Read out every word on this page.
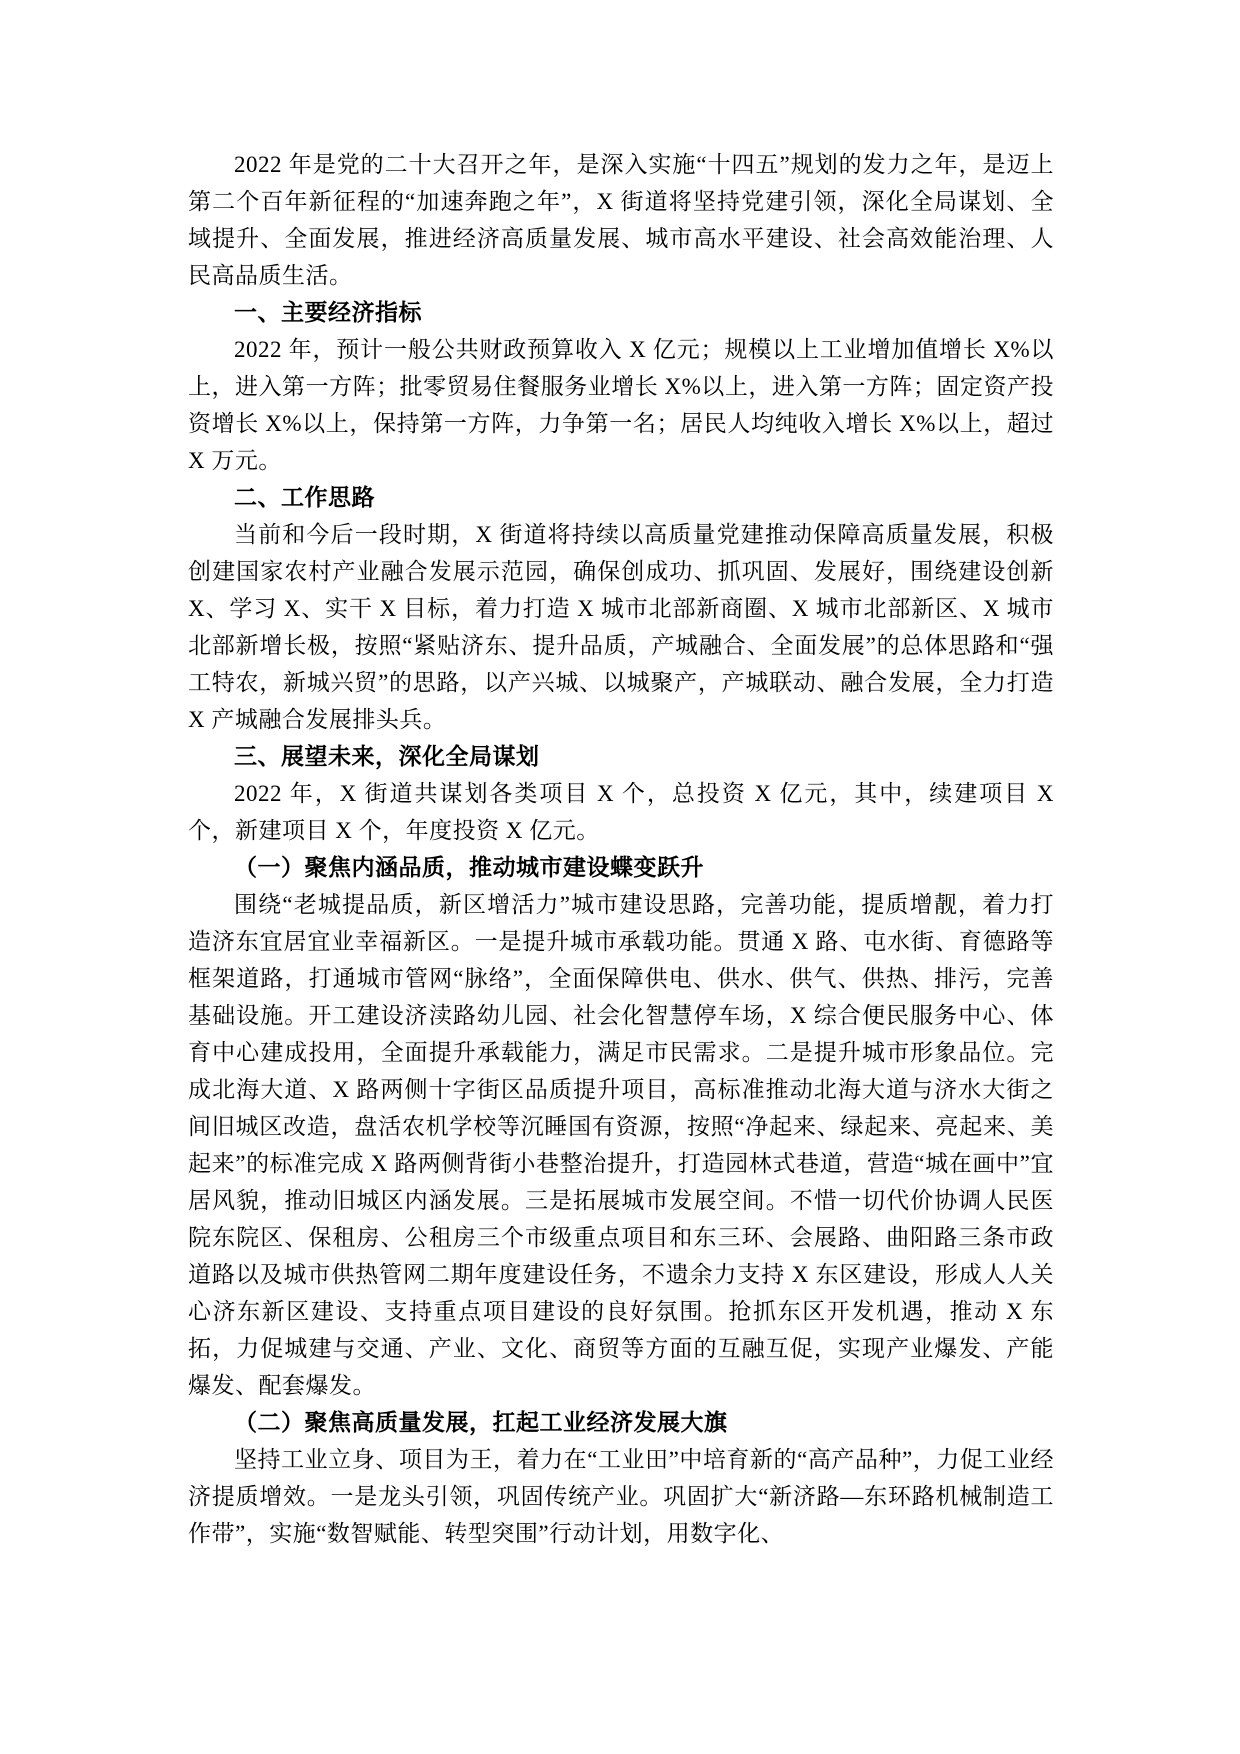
2022 年是党的二十大召开之年，是深入实施“十四五”规划的发力之年，是迈上第二个百年新征程的“加速奔跑之年”，X 街道将坚持党建引领，深化全局谋划、全域提升、全面发展，推进经济高质量发展、城市高水平建设、社会高效能治理、人民高品质生活。

一、主要经济指标

2022 年，预计一般公共财政预算收入 X 亿元；规模以上工业增加值增长 X%以上，进入第一方阵；批零贸易住餐服务业增长 X%以上，进入第一方阵；固定资产投资增长 X%以上，保持第一方阵，力争第一名；居民人均纯收入增长 X%以上，超过 X 万元。

二、工作思路

当前和今后一段时期，X 街道将持续以高质量党建推动保障高质量发展，积极创建国家农村产业融合发展示范园，确保创成功、抓巩固、发展好，围绕建设创新 X、学习 X、实干 X 目标，着力打造 X 城市北部新商圈、X 城市北部新区、X 城市北部新增长极，按照“紧贴济东、提升品质，产城融合、全面发展”的总体思路和“强工特农，新城兴贸”的思路，以产兴城、以城聚产，产城联动、融合发展，全力打造 X 产城融合发展排头兵。

三、展望未来，深化全局谋划

2022 年，X 街道共谋划各类项目 X 个，总投资 X 亿元，其中，续建项目 X 个，新建项目 X 个，年度投资 X 亿元。

（一）聚焦内涵品质，推动城市建设蝶变跃升

围绕“老城提品质，新区增活力”城市建设思路，完善功能，提质增靓，着力打造济东宜居宜业幸福新区。一是提升城市承载功能。贯通 X 路、屯水街、育德路等框架道路，打通城市管网“脉络”，全面保障供电、供水、供气、供热、排污，完善基础设施。开工建设济渎路幼儿园、社会化智慧停车场，X 综合便民服务中心、体育中心建成投用，全面提升承载能力，满足市民需求。二是提升城市形象品位。完成北海大道、X 路两侧十字街区品质提升项目，高标准推动北海大道与济水大街之间旧城区改造，盘活农机学校等沉睡国有资源，按照“净起来、绿起来、亮起来、美起来”的标准完成 X 路两侧背街小巷整治提升，打造园林式巷道，营造“城在画中”宜居风貌，推动旧城区内涵发展。三是拓展城市发展空间。不惜一切代价协调人民医院东院区、保租房、公租房三个市级重点项目和东三环、会展路、曲阳路三条市政道路以及城市供热管网二期年度建设任务，不遗余力支持 X 东区建设，形成人人关心济东新区建设、支持重点项目建设的良好氛围。抢抓东区开发机遇，推动 X 东拓，力促城建与交通、产业、文化、商贸等方面的互融互促，实现产业爆发、产能爆发、配套爆发。

（二）聚焦高质量发展，扛起工业经济发展大旗

坚持工业立身、项目为王，着力在“工业田”中培育新的“高产品种”，力促工业经济提质增效。一是龙头引领，巩固传统产业。巩固扩大“新济路—东环路机械制造工作带”，实施“数智赋能、转型突围”行动计划，用数字化、
